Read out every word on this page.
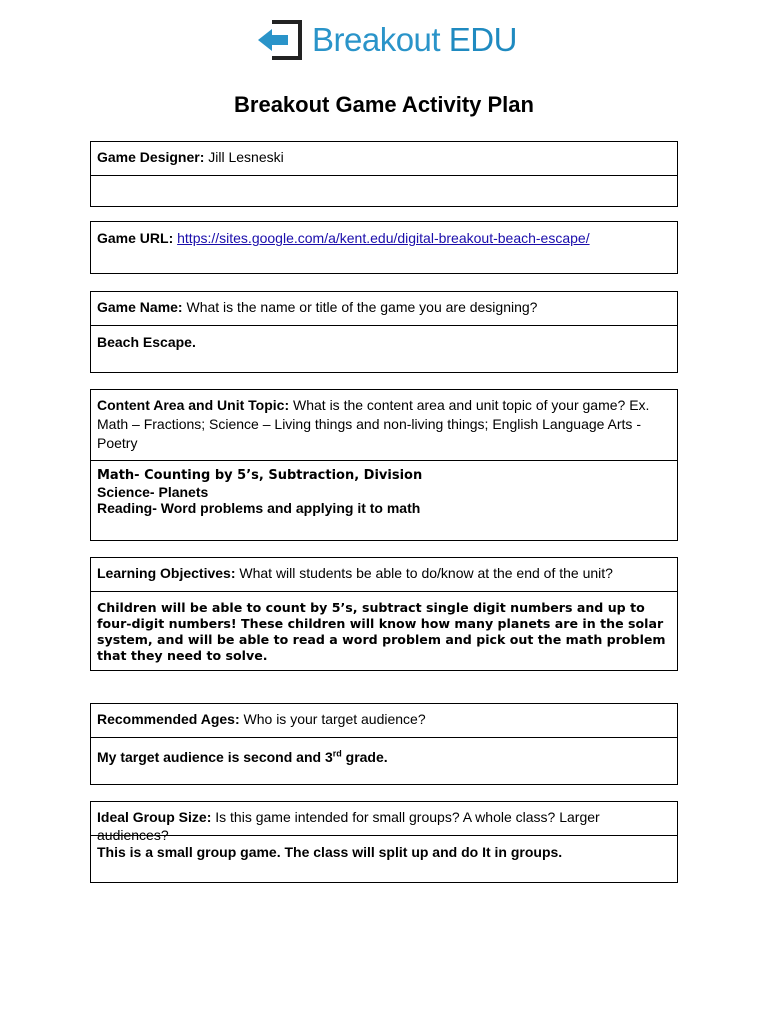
Breakout EDU
Breakout Game Activity Plan
Game Designer: Jill Lesneski
Game URL: https://sites.google.com/a/kent.edu/digital-breakout-beach-escape/
Game Name: What is the name or title of the game you are designing?
Beach Escape.
Content Area and Unit Topic: What is the content area and unit topic of your game? Ex. Math – Fractions; Science – Living things and non-living things; English Language Arts - Poetry
Math- Counting by 5’s, Subtraction, Division
Science- Planets
Reading- Word problems and applying it to math
Learning Objectives: What will students be able to do/know at the end of the unit?
Children will be able to count by 5’s, subtract single digit numbers and up to four-digit numbers! These children will know how many planets are in the solar system, and will be able to read a word problem and pick out the math problem that they need to solve.
Recommended Ages: Who is your target audience?
My target audience is second and 3rd grade.
Ideal Group Size: Is this game intended for small groups? A whole class? Larger audiences?
This is a small group game. The class will split up and do It in groups.
